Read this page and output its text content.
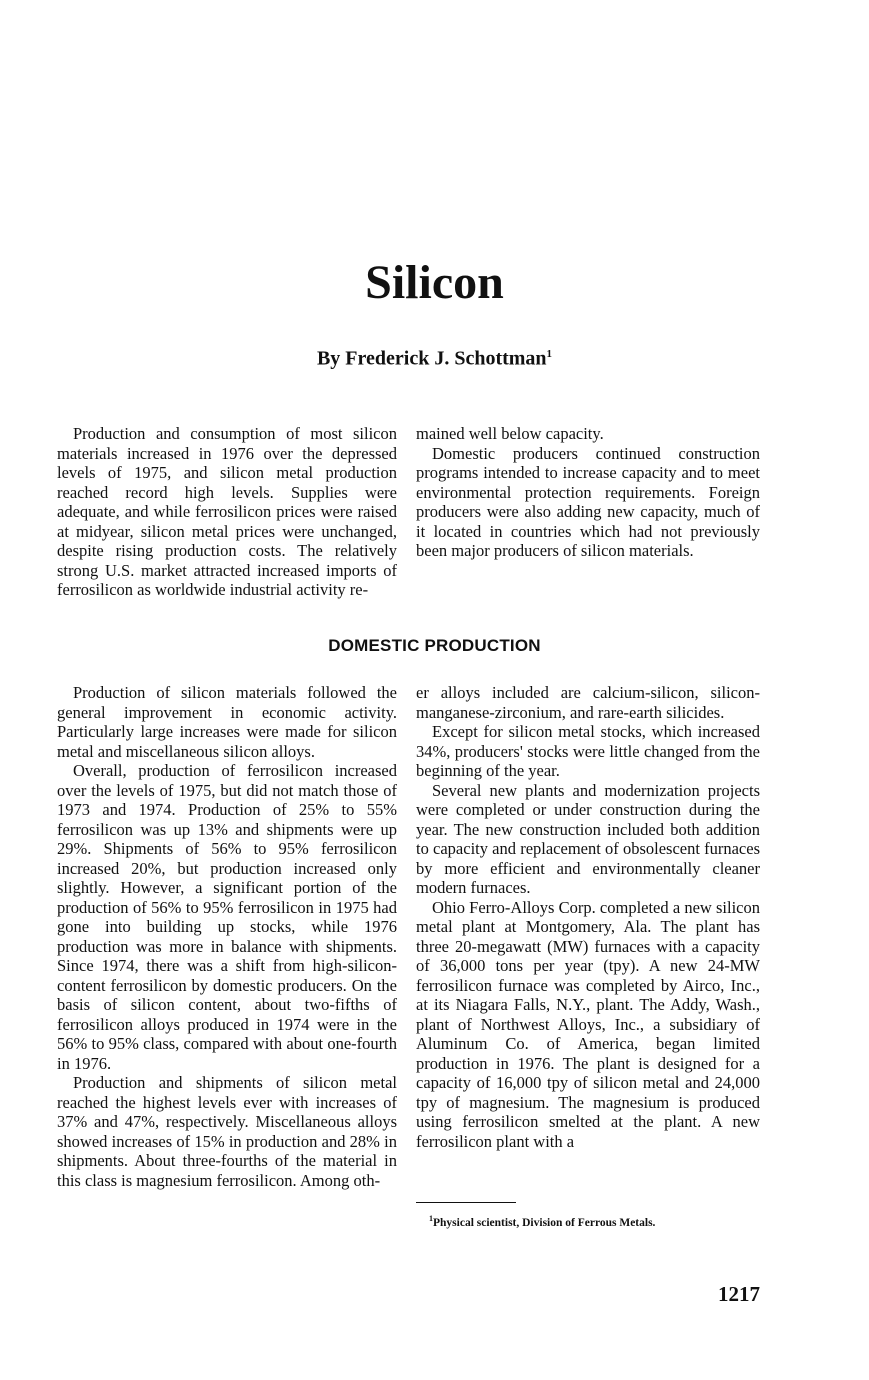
Silicon
By Frederick J. Schottman$^1$

Production and consumption of most silicon materials increased in 1976 over the depressed levels of 1975, and silicon metal production reached record high levels. Supplies were adequate, and while ferrosilicon prices were raised at midyear, silicon metal prices were unchanged, despite rising production costs. The relatively strong U.S. market attracted increased imports of ferrosilicon as worldwide industrial activity re-

mained well below capacity.

Domestic producers continued construction programs intended to increase capacity and to meet environmental protection requirements. Foreign producers were also adding new capacity, much of it located in countries which had not previously been major producers of silicon materials.

DOMESTIC PRODUCTION

Production of silicon materials followed the general improvement in economic activity. Particularly large increases were made for silicon metal and miscellaneous silicon alloys.

Overall, production of ferrosilicon increased over the levels of 1975, but did not match those of 1973 and 1974. Production of 25% to 55% ferrosilicon was up 13% and shipments were up 29%. Shipments of 56% to 95% ferrosilicon increased 20%, but production increased only slightly. However, a significant portion of the production of 56% to 95% ferrosilicon in 1975 had gone into building up stocks, while 1976 production was more in balance with shipments. Since 1974, there was a shift from high-silicon-content ferrosilicon by domestic producers. On the basis of silicon content, about two-fifths of ferrosilicon alloys produced in 1974 were in the 56% to 95% class, compared with about one-fourth in 1976.

Production and shipments of silicon metal reached the highest levels ever with increases of 37% and 47%, respectively. Miscellaneous alloys showed increases of 15% in production and 28% in shipments. About three-fourths of the material in this class is magnesium ferrosilicon. Among oth-

er alloys included are calcium-silicon, silicon-manganese-zirconium, and rare-earth silicides.

Except for silicon metal stocks, which increased 34%, producers' stocks were little changed from the beginning of the year.

Several new plants and modernization projects were completed or under construction during the year. The new construction included both addition to capacity and replacement of obsolescent furnaces by more efficient and environmentally cleaner modern furnaces.

Ohio Ferro-Alloys Corp. completed a new silicon metal plant at Montgomery, Ala. The plant has three 20-megawatt (MW) furnaces with a capacity of 36,000 tons per year (tpy). A new 24-MW ferrosilicon furnace was completed by Airco, Inc., at its Niagara Falls, N.Y., plant. The Addy, Wash., plant of Northwest Alloys, Inc., a subsidiary of Aluminum Co. of America, began limited production in 1976. The plant is designed for a capacity of 16,000 tpy of silicon metal and 24,000 tpy of magnesium. The magnesium is produced using ferrosilicon smelted at the plant. A new ferrosilicon plant with a

$^1$Physical scientist, Division of Ferrous Metals.

1217
